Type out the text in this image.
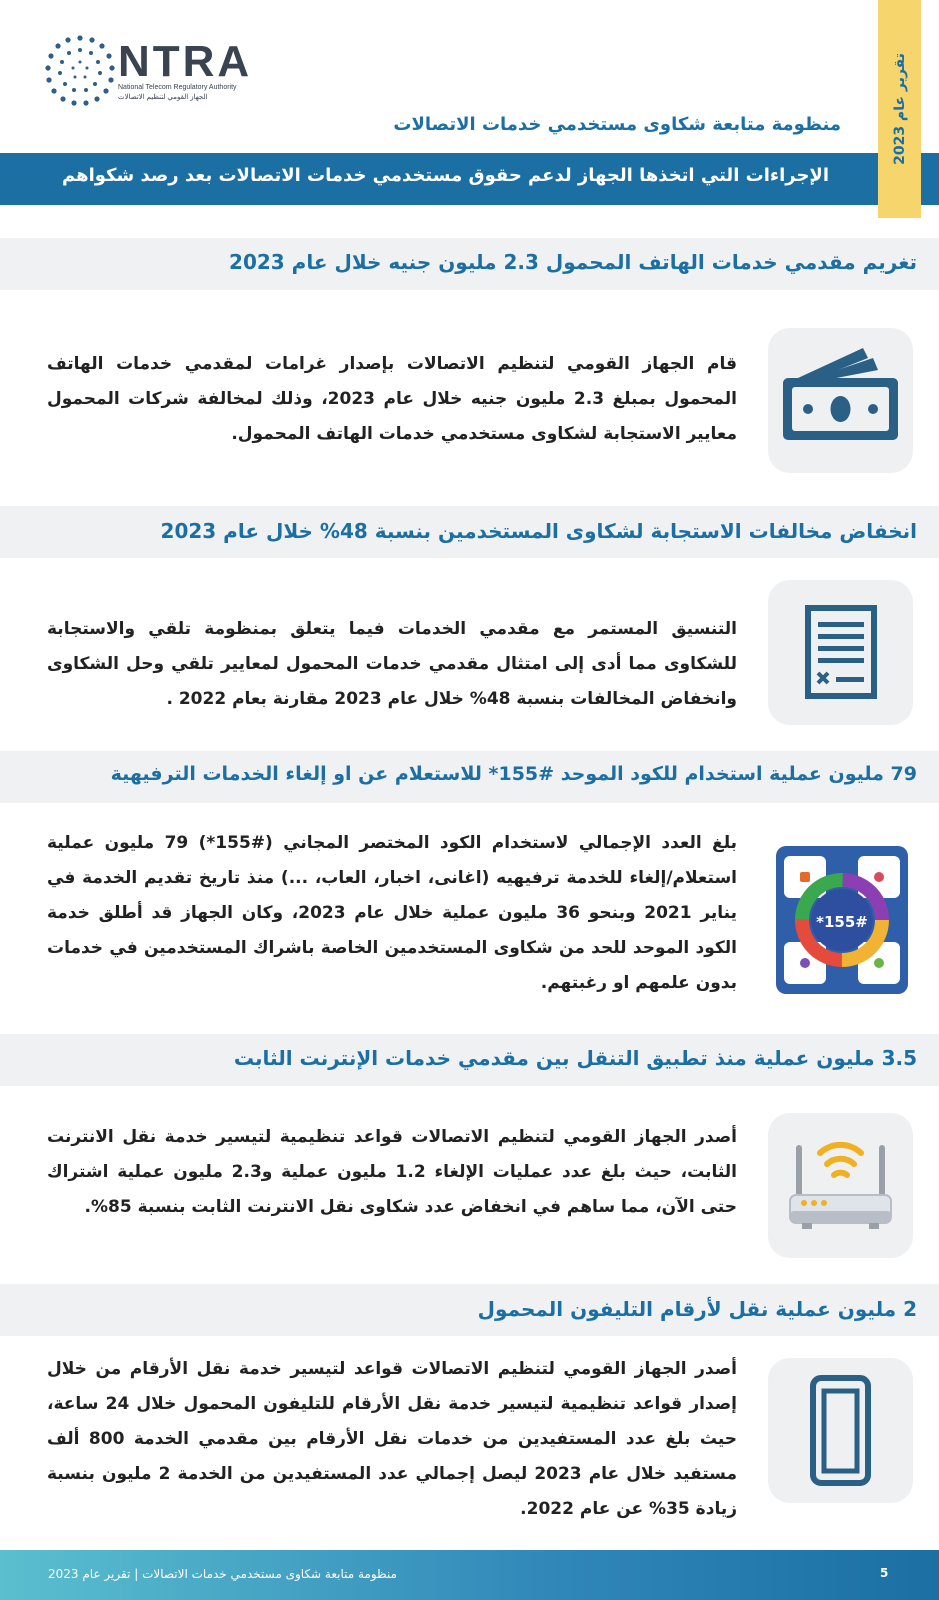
NTRA
National Telecom Regulatory Authority
الجهاز القومي لتنظيم الاتصالات
منظومة متابعة شكاوى مستخدمي خدمات الاتصالات
الإجراءات التي اتخذها الجهاز لدعم حقوق مستخدمي خدمات الاتصالات بعد رصد شكواهم
تقرير عام 2023
تغريم مقدمي خدمات الهاتف المحمول 2.3 مليون جنيه خلال عام 2023
قام الجهاز القومي لتنظيم الاتصالات بإصدار غرامات لمقدمي خدمات الهاتف المحمول بمبلغ 2.3 مليون جنيه خلال عام 2023، وذلك لمخالفة شركات المحمول معايير الاستجابة لشكاوى مستخدمي خدمات الهاتف المحمول.
انخفاض مخالفات الاستجابة لشكاوى المستخدمين بنسبة 48% خلال عام 2023
التنسيق المستمر مع مقدمي الخدمات فيما يتعلق بمنظومة تلقي والاستجابة للشكاوى مما أدى إلى امتثال مقدمي خدمات المحمول لمعايير تلقي وحل الشكاوى وانخفاض المخالفات بنسبة 48% خلال عام 2023 مقارنة بعام 2022 .
79 مليون عملية استخدام للكود الموحد #155* للاستعلام عن او إلغاء الخدمات الترفيهية
بلغ العدد الإجمالي لاستخدام الكود المختصر المجاني (#155*) 79 مليون عملية استعلام/إلغاء للخدمة ترفيهيه (اغانى، اخبار، العاب، ...) منذ تاريخ تقديم الخدمة في يناير 2021 وبنحو 36 مليون عملية خلال عام 2023، وكان الجهاز قد أطلق خدمة الكود الموحد للحد من شكاوى المستخدمين الخاصة باشراك المستخدمين في خدمات بدون علمهم او رغبتهم.
*155#
3.5 مليون عملية منذ تطبيق التنقل بين مقدمي خدمات الإنترنت الثابت
أصدر الجهاز القومي لتنظيم الاتصالات قواعد تنظيمية لتيسير خدمة نقل الانترنت الثابت، حيث بلغ عدد عمليات الإلغاء 1.2 مليون عملية و2.3 مليون عملية اشتراك حتى الآن، مما ساهم في انخفاض عدد شكاوى نقل الانترنت الثابت بنسبة 85%.
2 مليون عملية نقل لأرقام التليفون المحمول
أصدر الجهاز القومي لتنظيم الاتصالات قواعد لتيسير خدمة نقل الأرقام من خلال إصدار قواعد تنظيمية لتيسير خدمة نقل الأرقام للتليفون المحمول خلال 24 ساعة، حيث بلغ عدد المستفيدين من خدمات نقل الأرقام بين مقدمي الخدمة 800 ألف مستفيد خلال عام 2023 ليصل إجمالي عدد المستفيدين من الخدمة 2 مليون بنسبة زيادة 35% عن عام 2022.
منظومة متابعة شكاوى مستخدمي خدمات الاتصالات | تقرير عام 2023	5
